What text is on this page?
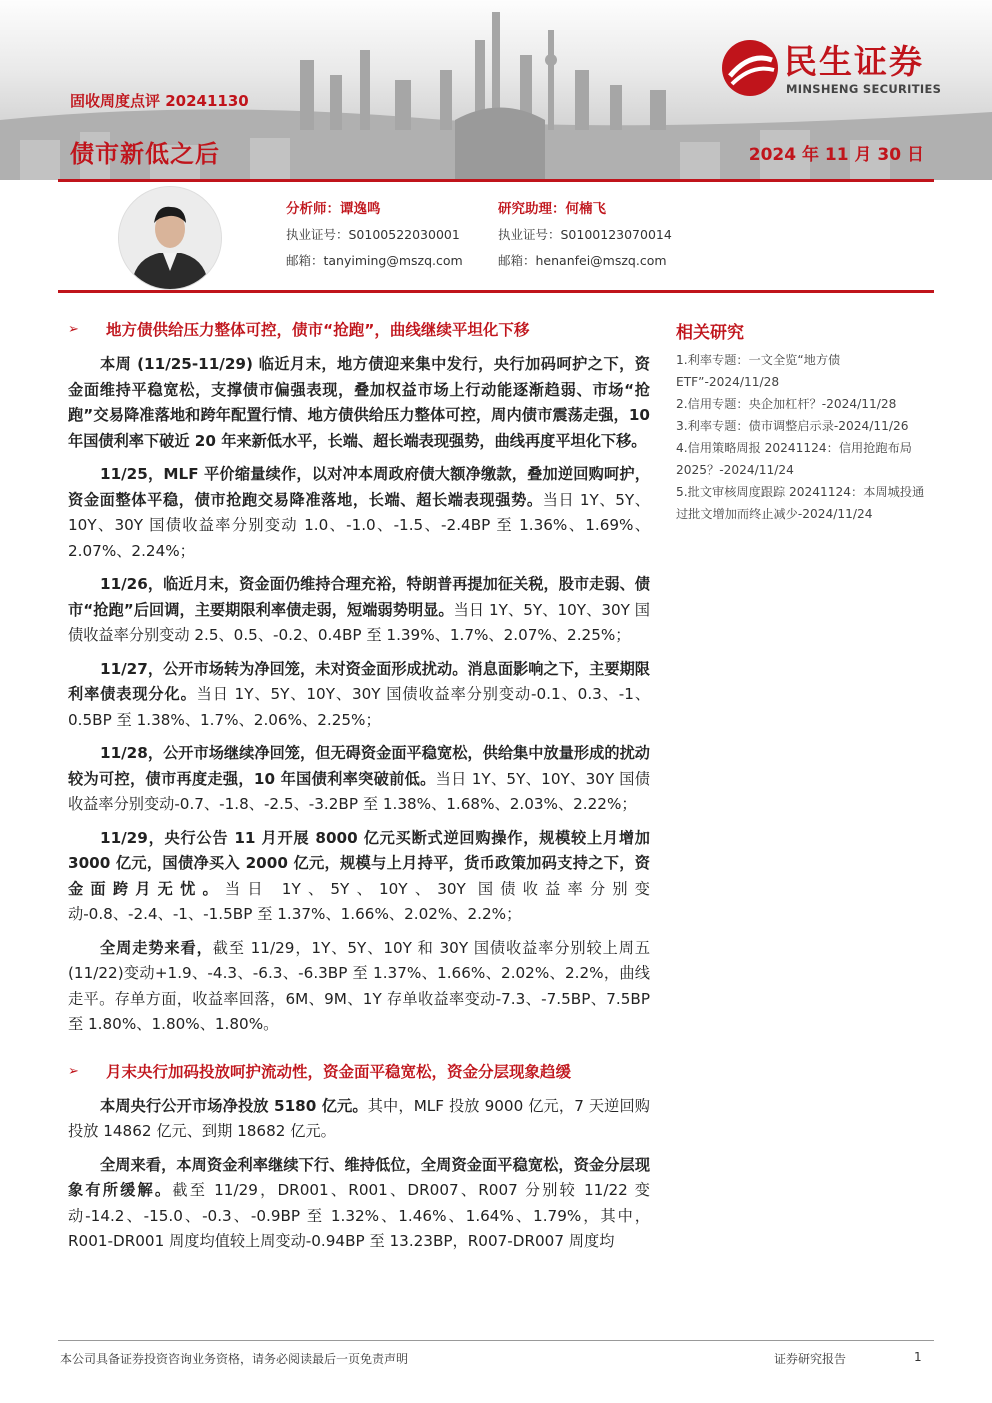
固收周度点评 20241130
债市新低之后	2024 年 11 月 30 日
民生证券
MINSHENG SECURITIES
分析师：谭逸鸣
执业证号：S0100522030001
邮箱：tanyiming@mszq.com
研究助理：何楠飞
执业证号：S0100123070014
邮箱：henanfei@mszq.com
➢	地方债供给压力整体可控，债市“抢跑”，曲线继续平坦化下移

本周 (11/25-11/29) 临近月末，地方债迎来集中发行，央行加码呵护之下，资金面维持平稳宽松，支撑债市偏强表现，叠加权益市场上行动能逐渐趋弱、市场“抢跑”交易降准落地和跨年配置行情、地方债供给压力整体可控，周内债市震荡走强，10 年国债利率下破近 20 年来新低水平，长端、超长端表现强势，曲线再度平坦化下移。

11/25，MLF 平价缩量续作，以对冲本周政府债大额净缴款，叠加逆回购呵护，资金面整体平稳，债市抢跑交易降准落地，长端、超长端表现强势。当日 1Y、5Y、10Y、30Y 国债收益率分别变动 1.0、-1.0、-1.5、-2.4BP 至 1.36%、1.69%、2.07%、2.24%；

11/26，临近月末，资金面仍维持合理充裕，特朗普再提加征关税，股市走弱、债市“抢跑”后回调，主要期限利率债走弱，短端弱势明显。当日 1Y、5Y、10Y、30Y 国债收益率分别变动 2.5、0.5、-0.2、0.4BP 至 1.39%、1.7%、2.07%、2.25%；

11/27，公开市场转为净回笼，未对资金面形成扰动。消息面影响之下，主要期限利率债表现分化。当日 1Y、5Y、10Y、30Y 国债收益率分别变动-0.1、0.3、-1、0.5BP 至 1.38%、1.7%、2.06%、2.25%；

11/28，公开市场继续净回笼，但无碍资金面平稳宽松，供给集中放量形成的扰动较为可控，债市再度走强，10 年国债利率突破前低。当日 1Y、5Y、10Y、30Y 国债收益率分别变动-0.7、-1.8、-2.5、-3.2BP 至 1.38%、1.68%、2.03%、2.22%；

11/29，央行公告 11 月开展 8000 亿元买断式逆回购操作，规模较上月增加 3000 亿元，国债净买入 2000 亿元，规模与上月持平，货币政策加码支持之下，资金面跨月无忧。当日 1Y、5Y、10Y、30Y 国债收益率分别变动-0.8、-2.4、-1、-1.5BP 至 1.37%、1.66%、2.02%、2.2%；

全周走势来看，截至 11/29，1Y、5Y、10Y 和 30Y 国债收益率分别较上周五(11/22)变动+1.9、-4.3、-6.3、-6.3BP 至 1.37%、1.66%、2.02%、2.2%，曲线走平。存单方面，收益率回落，6M、9M、1Y 存单收益率变动-7.3、-7.5BP、7.5BP 至 1.80%、1.80%、1.80%。

➢	月末央行加码投放呵护流动性，资金面平稳宽松，资金分层现象趋缓

本周央行公开市场净投放 5180 亿元。其中，MLF 投放 9000 亿元，7 天逆回购投放 14862 亿元、到期 18682 亿元。

全周来看，本周资金利率继续下行、维持低位，全周资金面平稳宽松，资金分层现象有所缓解。截至 11/29，DR001、R001、DR007、R007 分别较 11/22 变动-14.2、-15.0、-0.3、-0.9BP 至 1.32%、1.46%、1.64%、1.79%，其中，R001-DR001 周度均值较上周变动-0.94BP 至 13.23BP，R007-DR007 周度均

相关研究

1.利率专题：一文全览“地方债 ETF”-2024/11/28

2.信用专题：央企加杠杆？-2024/11/28

3.利率专题：债市调整启示录-2024/11/26

4.信用策略周报 20241124：信用抢跑布局 2025？-2024/11/24

5.批文审核周度跟踪 20241124：本周城投通过批文增加而终止减少-2024/11/24

本公司具备证券投资咨询业务资格，请务必阅读最后一页免责声明	证券研究报告	1
